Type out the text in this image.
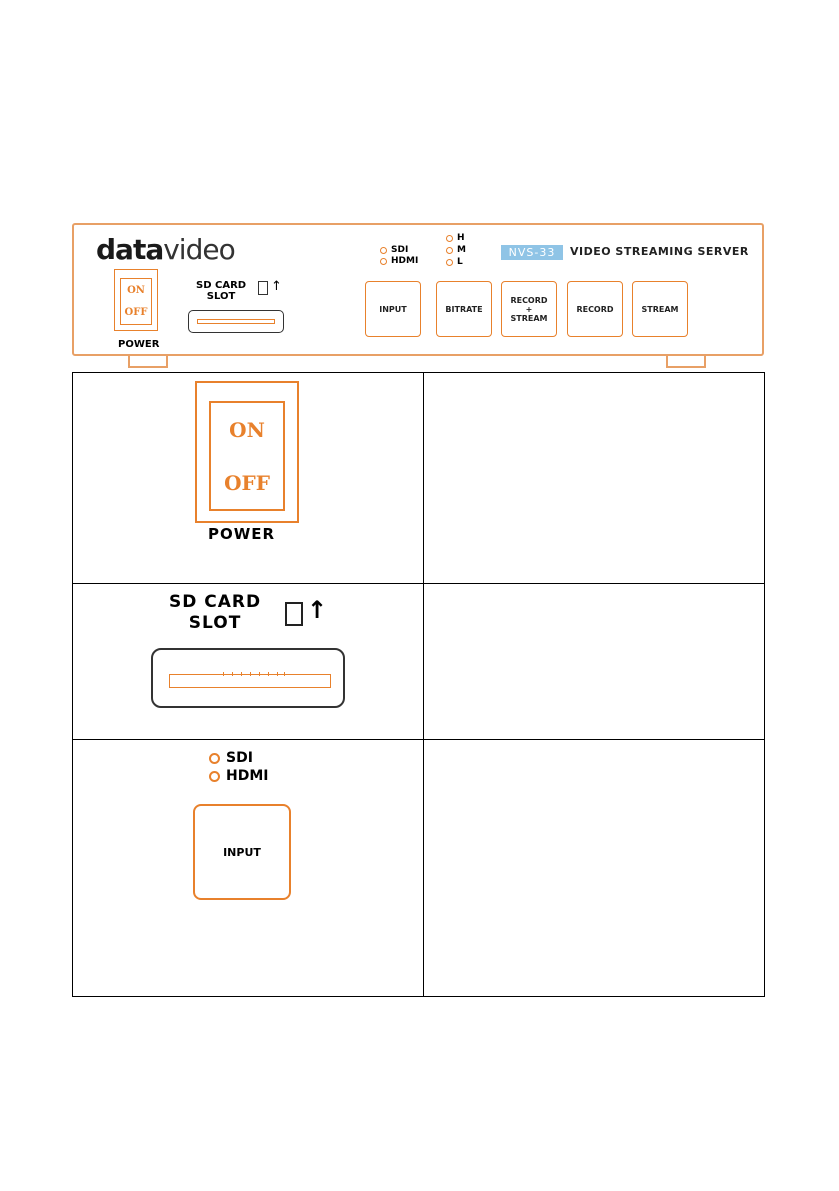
datavideo	SDI
HDMI
H
M
L
NVS-33	VIDEO STREAMING SERVER
ON
OFF
POWER
SD CARD
SLOT
↑
INPUT	BITRATE
RECORD
+
STREAM
RECORD	STREAM
ON
OFF
POWER	

SD CARD
SLOT ↑	

SDI
HDMI
INPUT	
